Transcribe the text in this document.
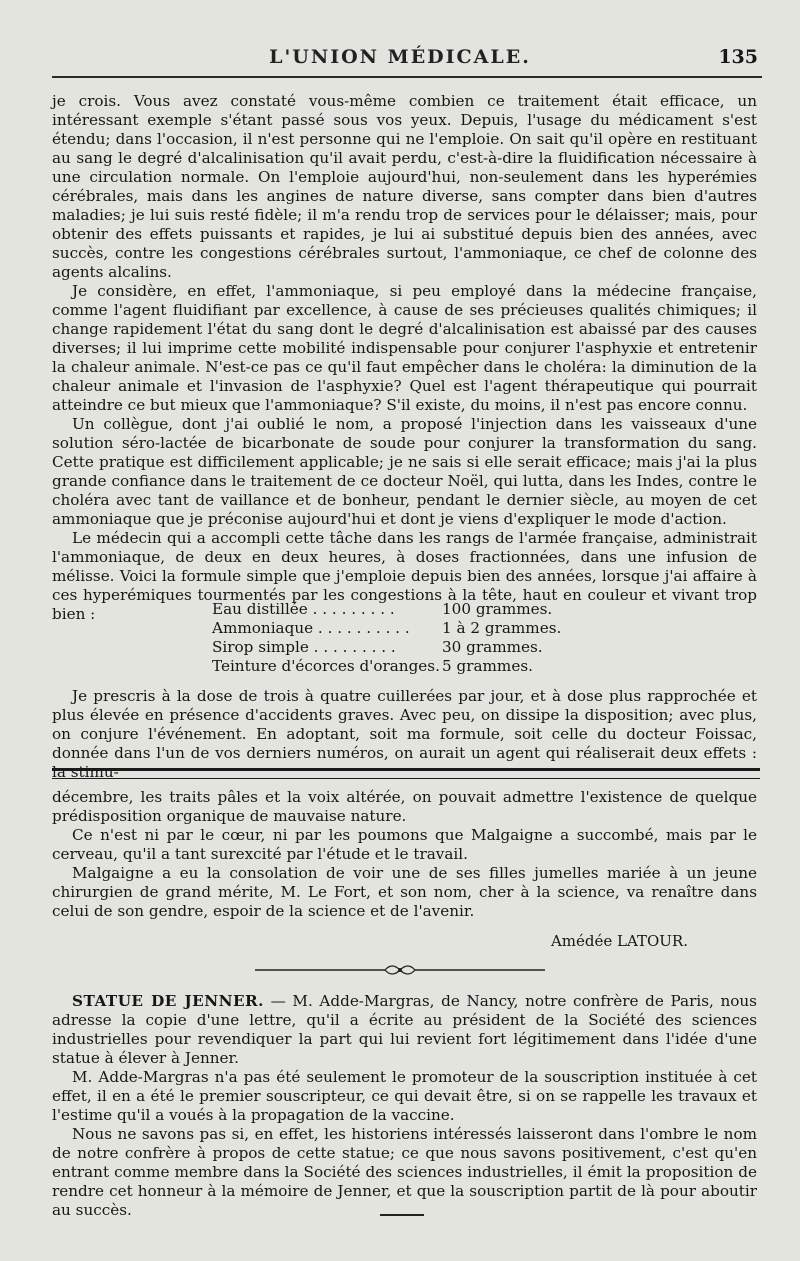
L'UNION MÉDICALE.	135

je crois. Vous avez constaté vous-même combien ce traitement était efficace, un intéressant exemple s'étant passé sous vos yeux. Depuis, l'usage du médicament s'est étendu; dans l'occasion, il n'est personne qui ne l'emploie. On sait qu'il opère en restituant au sang le degré d'alcalinisation qu'il avait perdu, c'est-à-dire la fluidification nécessaire à une circulation normale. On l'emploie aujourd'hui, non-seulement dans les hyperémies cérébrales, mais dans les angines de nature diverse, sans compter dans bien d'autres maladies; je lui suis resté fidèle; il m'a rendu trop de services pour le délaisser; mais, pour obtenir des effets puissants et rapides, je lui ai substitué depuis bien des années, avec succès, contre les congestions cérébrales surtout, l'ammoniaque, ce chef de colonne des agents alcalins.

Je considère, en effet, l'ammoniaque, si peu employé dans la médecine française, comme l'agent fluidifiant par excellence, à cause de ses précieuses qualités chimiques; il change rapidement l'état du sang dont le degré d'alcalinisation est abaissé par des causes diverses; il lui imprime cette mobilité indispensable pour conjurer l'asphyxie et entretenir la chaleur animale. N'est-ce pas ce qu'il faut empêcher dans le choléra: la diminution de la chaleur animale et l'invasion de l'asphyxie? Quel est l'agent thérapeutique qui pourrait atteindre ce but mieux que l'ammoniaque? S'il existe, du moins, il n'est pas encore connu.

Un collègue, dont j'ai oublié le nom, a proposé l'injection dans les vaisseaux d'une solution séro-lactée de bicarbonate de soude pour conjurer la transformation du sang. Cette pratique est difficilement applicable; je ne sais si elle serait efficace; mais j'ai la plus grande confiance dans le traitement de ce docteur Noël, qui lutta, dans les Indes, contre le choléra avec tant de vaillance et de bonheur, pendant le dernier siècle, au moyen de cet ammoniaque que je préconise aujourd'hui et dont je viens d'expliquer le mode d'action.

Le médecin qui a accompli cette tâche dans les rangs de l'armée française, administrait l'ammoniaque, de deux en deux heures, à doses fractionnées, dans une infusion de mélisse. Voici la formule simple que j'emploie depuis bien des années, lorsque j'ai affaire à ces hyperémiques tourmentés par les congestions à la tête, haut en couleur et vivant trop bien :	Eau distillée . . . . . . . . .	100 grammes.
Ammoniaque . . . . . . . . . .	1 à 2 grammes.
Sirop simple . . . . . . . . .	30 grammes.
Teinture d'écorces d'oranges. 5 grammes.

Je prescris à la dose de trois à quatre cuillerées par jour, et à dose plus rapprochée et plus élevée en présence d'accidents graves. Avec peu, on dissipe la disposition; avec plus, on conjure l'événement. En adoptant, soit ma formule, soit celle du docteur Foissac, donnée dans l'un de vos derniers numéros, on aurait un agent qui réaliserait deux effets : la stimu-

décembre, les traits pâles et la voix altérée, on pouvait admettre l'existence de quelque prédisposition organique de mauvaise nature.

Ce n'est ni par le cœur, ni par les poumons que Malgaigne a succombé, mais par le cerveau, qu'il a tant surexcité par l'étude et le travail.

Malgaigne a eu la consolation de voir une de ses filles jumelles mariée à un jeune chirurgien de grand mérite, M. Le Fort, et son nom, cher à la science, va renaître dans celui de son gendre, espoir de la science et de l'avenir.

Amédée LATOUR.

STATUE DE JENNER. — M. Adde-Margras, de Nancy, notre confrère de Paris, nous adresse la copie d'une lettre, qu'il a écrite au président de la Société des sciences industrielles pour revendiquer la part qui lui revient fort légitimement dans l'idée d'une statue à élever à Jenner.

M. Adde-Margras n'a pas été seulement le promoteur de la souscription instituée à cet effet, il en a été le premier souscripteur, ce qui devait être, si on se rappelle les travaux et l'estime qu'il a voués à la propagation de la vaccine.

Nous ne savons pas si, en effet, les historiens intéressés laisseront dans l'ombre le nom de notre confrère à propos de cette statue; ce que nous savons positivement, c'est qu'en entrant comme membre dans la Société des sciences industrielles, il émit la proposition de rendre cet honneur à la mémoire de Jenner, et que la souscription partit de là pour aboutir au succès.
